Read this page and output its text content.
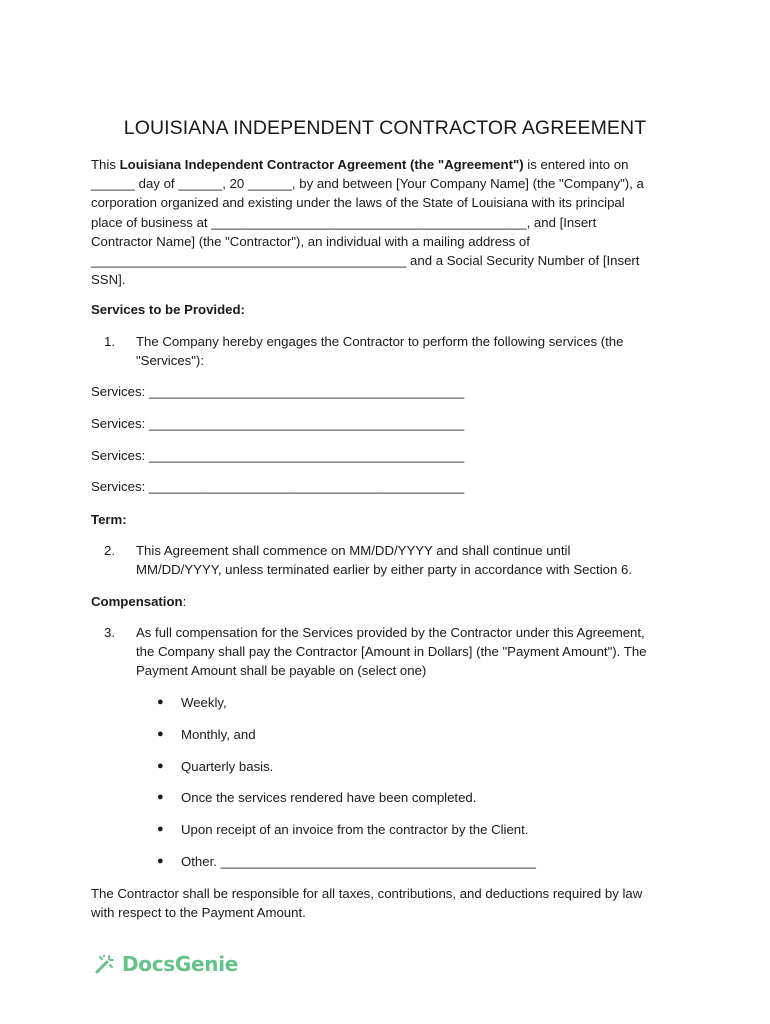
LOUISIANA INDEPENDENT CONTRACTOR AGREEMENT
This Louisiana Independent Contractor Agreement (the "Agreement") is entered into on
______ day of ______, 20 ______, by and between [Your Company Name] (the "Company"), a
corporation organized and existing under the laws of the State of Louisiana with its principal
place of business at ___________________________________________, and [Insert
Contractor Name] (the "Contractor"), an individual with a mailing address of
___________________________________________ and a Social Security Number of [Insert
SSN].

Services to be Provided:

1. The Company hereby engages the Contractor to perform the following services (the
"Services"):

Services: ___________________________________________

Services: ___________________________________________

Services: ___________________________________________

Services: ___________________________________________

Term:

2. This Agreement shall commence on MM/DD/YYYY and shall continue until
MM/DD/YYYY, unless terminated earlier by either party in accordance with Section 6.

Compensation:

3. As full compensation for the Services provided by the Contractor under this Agreement,
the Company shall pay the Contractor [Amount in Dollars] (the "Payment Amount"). The
Payment Amount shall be payable on (select one)
● Weekly,
● Monthly, and
● Quarterly basis.
● Once the services rendered have been completed.
● Upon receipt of an invoice from the contractor by the Client.
● Other. ___________________________________________
The Contractor shall be responsible for all taxes, contributions, and deductions required by law
with respect to the Payment Amount.
DocsGenie
